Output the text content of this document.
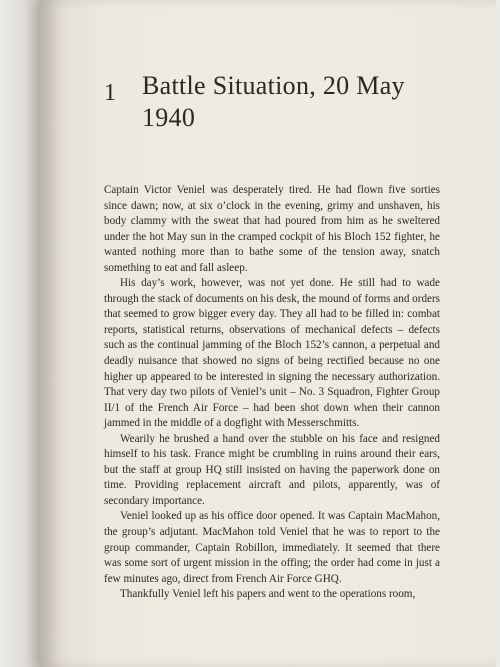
1 Battle Situation, 20 May 1940

Captain Victor Veniel was desperately tired. He had flown five sorties since dawn; now, at six o’clock in the evening, grimy and unshaven, his body clammy with the sweat that had poured from him as he sweltered under the hot May sun in the cramped cockpit of his Bloch 152 fighter, he wanted nothing more than to bathe some of the tension away, snatch something to eat and fall asleep.

His day’s work, however, was not yet done. He still had to wade through the stack of documents on his desk, the mound of forms and orders that seemed to grow bigger every day. They all had to be filled in: combat reports, statistical returns, observations of mechanical defects – defects such as the continual jamming of the Bloch 152’s cannon, a perpetual and deadly nuisance that showed no signs of being rectified because no one higher up appeared to be interested in signing the necessary authorization. That very day two pilots of Veniel’s unit – No. 3 Squadron, Fighter Group II/1 of the French Air Force – had been shot down when their cannon jammed in the middle of a dogfight with Messerschmitts.

Wearily he brushed a hand over the stubble on his face and resigned himself to his task. France might be crumbling in ruins around their ears, but the staff at group HQ still insisted on having the paperwork done on time. Providing replacement aircraft and pilots, apparently, was of secondary importance.

Veniel looked up as his office door opened. It was Captain MacMahon, the group’s adjutant. MacMahon told Veniel that he was to report to the group commander, Captain Robillon, immediately. It seemed that there was some sort of urgent mission in the offing; the order had come in just a few minutes ago, direct from French Air Force GHQ.

Thankfully Veniel left his papers and went to the operations room,
